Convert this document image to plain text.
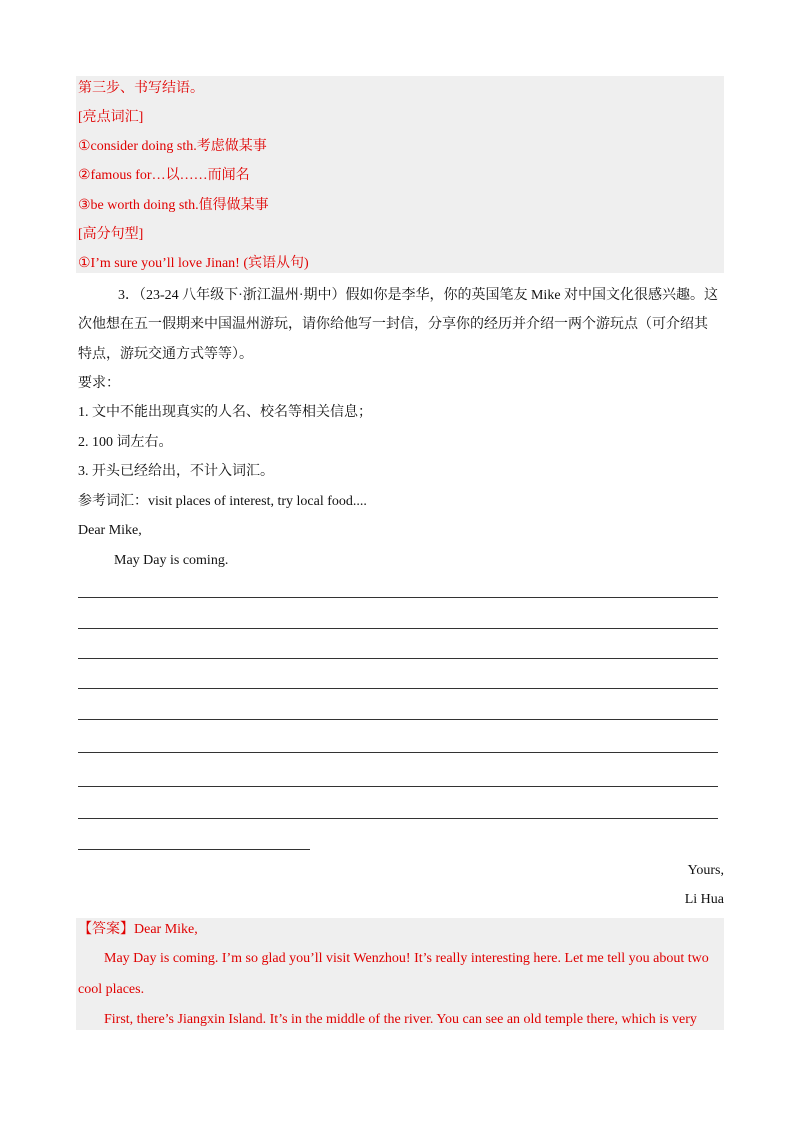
第三步、书写结语。
[亮点词汇]
①consider doing sth.考虑做某事
②famous for…以……而闻名
③be worth doing sth.值得做某事
[高分句型]
①I’m sure you’ll love Jinan! (宾语从句)
3．（23-24 八年级下·浙江温州·期中）假如你是李华，你的英国笔友 Mike 对中国文化很感兴趣。这
次他想在五一假期来中国温州游玩，请你给他写一封信，分享你的经历并介绍一两个游玩点（可介绍其
特点，游玩交通方式等等）。
要求：
1. 文中不能出现真实的人名、校名等相关信息；
2. 100 词左右。
3. 开头已经给出，不计入词汇。
参考词汇：visit places of interest, try local food....
Dear Mike,
May Day is coming.
Yours,
Li Hua
【答案】Dear Mike,
May Day is coming. I’m so glad you’ll visit Wenzhou! It’s really interesting here. Let me tell you about two
cool places.
First, there’s Jiangxin Island. It’s in the middle of the river. You can see an old temple there, which is very
